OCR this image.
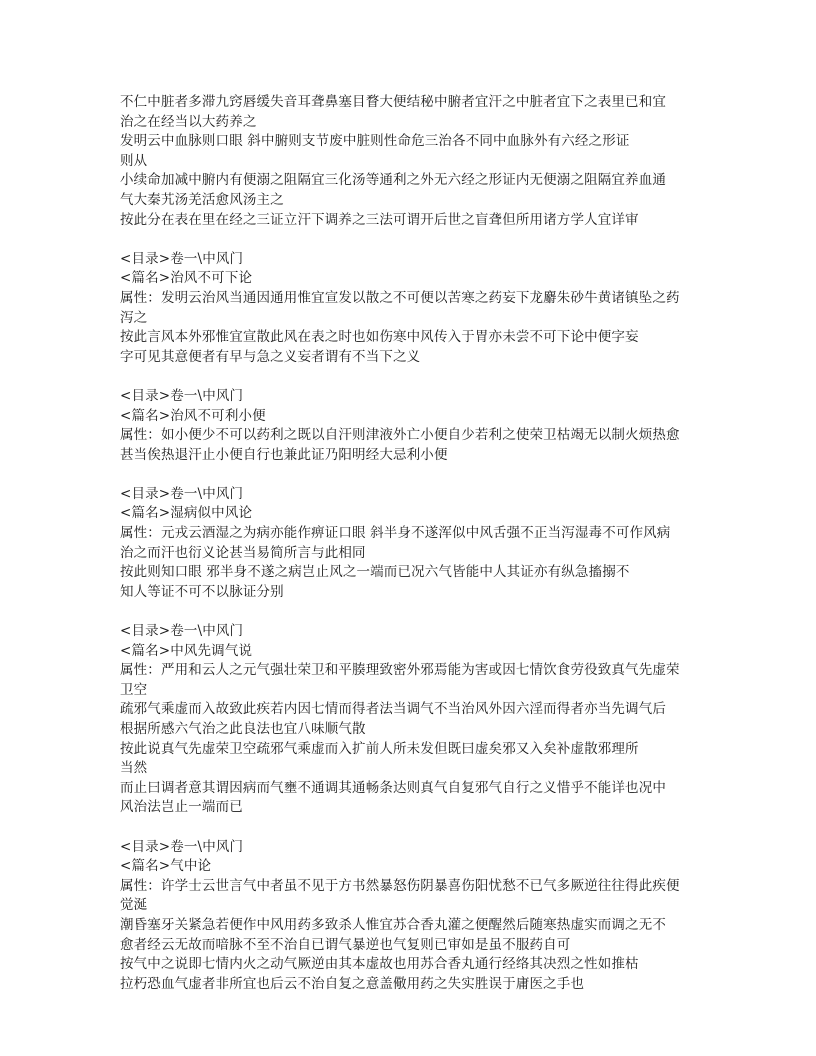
不仁中脏者多滞九窍唇缓失音耳聋鼻塞目瞀大便结秘中腑者宜汗之中脏者宜下之表里已和宜
治之在经当以大药养之
发明云中血脉则口眼 斜中腑则支节废中脏则性命危三治各不同中血脉外有六经之形证
则从
小续命加减中腑内有便溺之阻隔宜三化汤等通利之外无六经之形证内无便溺之阻隔宜养血通
气大秦艽汤羌活愈风汤主之
按此分在表在里在经之三证立汗下调养之三法可谓开后世之盲聋但所用诸方学人宜详审
<目录>卷一\中风门
<篇名>治风不可下论
属性：发明云治风当通因通用惟宜宣发以散之不可便以苦寒之药妄下龙麝朱砂牛黄诸镇坠之药
泻之
按此言风本外邪惟宜宣散此风在表之时也如伤寒中风传入于胃亦未尝不可下论中便字妄
字可见其意便者有早与急之义妄者谓有不当下之义
<目录>卷一\中风门
<篇名>治风不可利小便
属性：如小便少不可以药利之既以自汗则津液外亡小便自少若利之使荣卫枯竭无以制火烦热愈
甚当俟热退汗止小便自行也兼此证乃阳明经大忌利小便
<目录>卷一\中风门
<篇名>湿病似中风论
属性：元戎云酒湿之为病亦能作痹证口眼 斜半身不遂浑似中风舌强不正当泻湿毒不可作风病
治之而汗也衍义论甚当易简所言与此相同
按此则知口眼 邪半身不遂之病岂止风之一端而已况六气皆能中人其证亦有纵急搐搦不
知人等证不可不以脉证分别
<目录>卷一\中风门
<篇名>中风先调气说
属性：严用和云人之元气强壮荣卫和平腠理致密外邪焉能为害或因七情饮食劳役致真气先虚荣
卫空
疏邪气乘虚而入故致此疾若内因七情而得者法当调气不当治风外因六淫而得者亦当先调气后
根据所感六气治之此良法也宜八味顺气散
按此说真气先虚荣卫空疏邪气乘虚而入扩前人所未发但既曰虚矣邪又入矣补虚散邪理所
当然
而止曰调者意其谓因病而气壅不通调其通畅条达则真气自复邪气自行之义惜乎不能详也况中
风治法岂止一端而已
<目录>卷一\中风门
<篇名>气中论
属性：许学士云世言气中者虽不见于方书然暴怒伤阴暴喜伤阳忧愁不已气多厥逆往往得此疾便
觉涎
潮昏塞牙关紧急若便作中风用药多致杀人惟宜苏合香丸灌之便醒然后随寒热虚实而调之无不
愈者经云无故而喑脉不至不治自已谓气暴逆也气复则已审如是虽不服药自可
按气中之说即七情内火之动气厥逆由其本虚故也用苏合香丸通行经络其决烈之性如推枯
拉朽恐血气虚者非所宜也后云不治自复之意盖儆用药之失实胜误于庸医之手也
